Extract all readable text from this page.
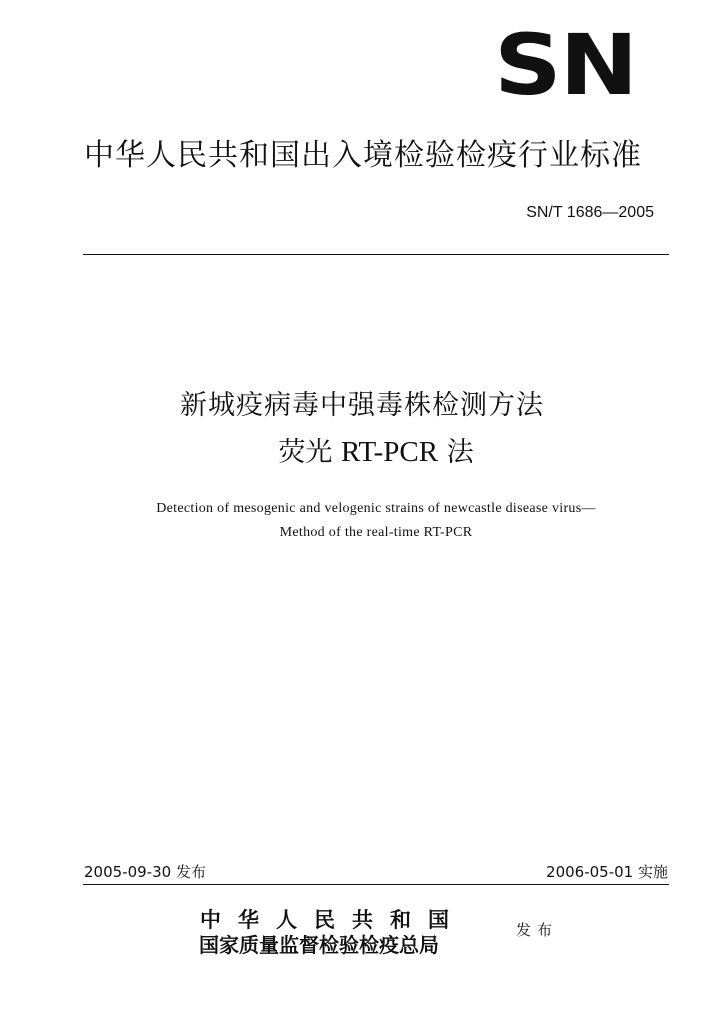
SN
中华人民共和国出入境检验检疫行业标准
SN/T 1686—2005
新城疫病毒中强毒株检测方法
荧光 RT-PCR 法
Detection of mesogenic and velogenic strains of newcastle disease virus—
Method of the real-time RT-PCR
2005-09-30 发布	2006-05-01 实施
中华人民共和国
国家质量监督检验检疫总局
发布
